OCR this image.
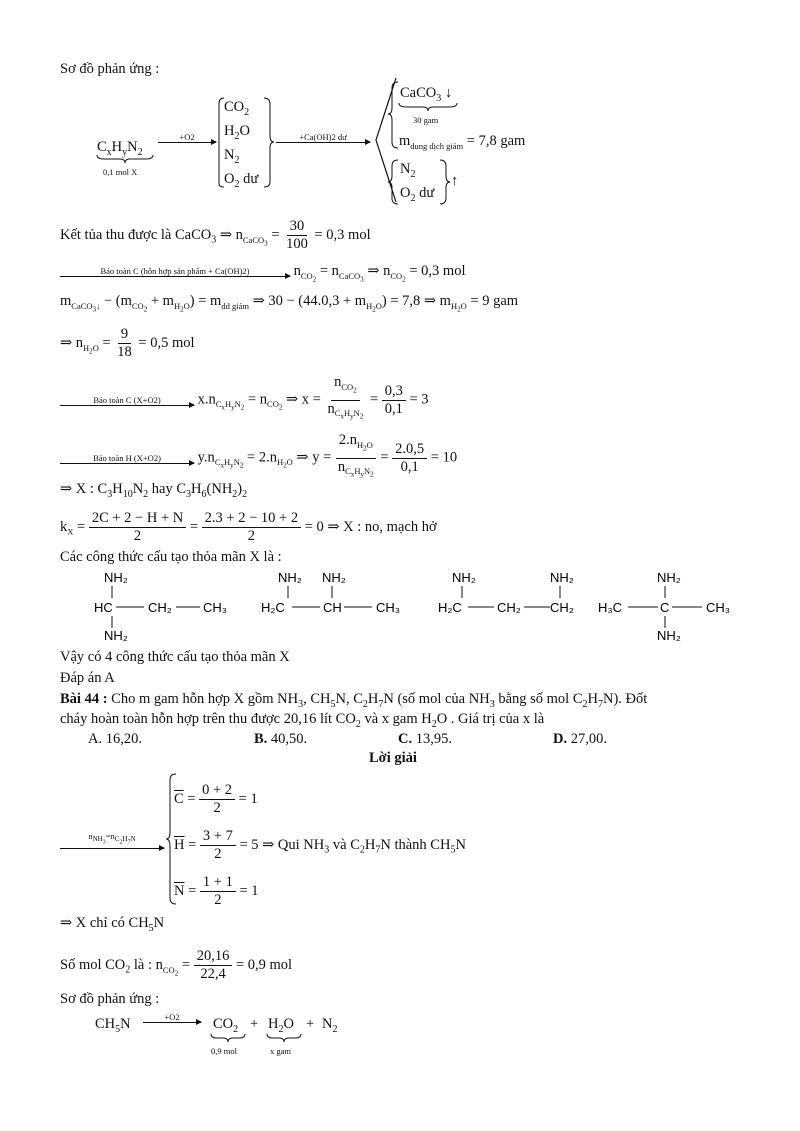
Sơ đồ phản ứng :
$C_xH_yN_2$
0,1 mol X
+O2
$CO_2$
$H_2O$
$N_2$
$O_2$ dư
+Ca(OH)2 dư
CaCO$_3$ ↓
30 gam
$m_{dung dịch giảm} = 7,8$ gam
$N_2$
$O_2$ dư
↑
Kết tủa thu được là CaCO$_3$ ⇒ $n_{CaCO_3} = \frac{30}{100} = 0,3$ mol
Bảo toàn C (hỗn hợp sản phẩm + Ca(OH)2)	$n_{CO_2} = n_{CaCO_3}$ ⇒ $n_{CO_2} = 0,3$ mol
$m_{CaCO_3↓} - (m_{CO_2} + m_{H_2O}) = m_{dd giảm}$ ⇒ $30 - (44.0,3 + m_{H_2O}) = 7,8$ ⇒ $m_{H_2O} = 9$ gam
⇒ $n_{H_2O} = \frac{9}{18} = 0,5$ mol
Bảo toàn C (X+O2)	$x.n_{C_xH_yN_2} = n_{CO_2}$ ⇒ x =
$n_{CO_2}$
$n_{C_xH_yN_2}$
= $\frac{0,3}{0,1} = 3$
Bảo toàn H (X+O2)	$y.n_{C_xH_yN_2} = 2.n_{H_2O}$ ⇒ y =
$2.n_{H_2O}$
$n_{C_xH_yN_2}$
= $\frac{2.0,5}{0,1} = 10$
⇒ X : $C_3H_{10}N_2$ hay $C_3H_6(NH_2)_2$
$k_X = \frac{2C + 2 - H + N}{2} = \frac{2.3 + 2 - 10 + 2}{2} = 0$ ⇒ X : no, mạch hở
Các công thức cấu tạo thỏa mãn X là :
NH₂
HC	CH₂ CH₃
NH₂
NH₂ NH₂
H₂C	CH	CH₃
NH₂	NH₂
H₂C	CH₂ CH₂
NH₂
H₃C	C	CH₃
NH₂
Vậy có 4 công thức cấu tạo thỏa mãn X
Đáp án A
Bài 44 : Cho m gam hỗn hợp X gồm $NH_3$, $CH_5N$, $C_2H_7N$ (số mol của $NH_3$ bằng số mol $C_2H_7N$). Đốt
cháy hoàn toàn hỗn hợp trên thu được 20,16 lít $CO_2$ và x gam $H_2O$ . Giá trị của x là
A. 16,20.	B. 40,50.	C. 13,95.	D. 27,00.
Lời giải
$n_{NH_3}=n_{C_2H_7N}$
$\overline{C} = \frac{0 + 2}{2} = 1$
$\overline{H} = \frac{3 + 7}{2} = 5$ ⇒ Qui $NH_3$ và $C_2H_7N$ thành $CH_5N$
$\overline{N} = \frac{1 + 1}{2} = 1$
⇒ X chỉ có $CH_5N$
Số mol $CO_2$ là : $n_{CO_2} = \frac{20,16}{22,4} = 0,9$ mol
Sơ đồ phản ứng :
$CH_5N$	+O2	$CO_2$
0,9 mol
+ $H_2O$
x gam
+ $N_2$
